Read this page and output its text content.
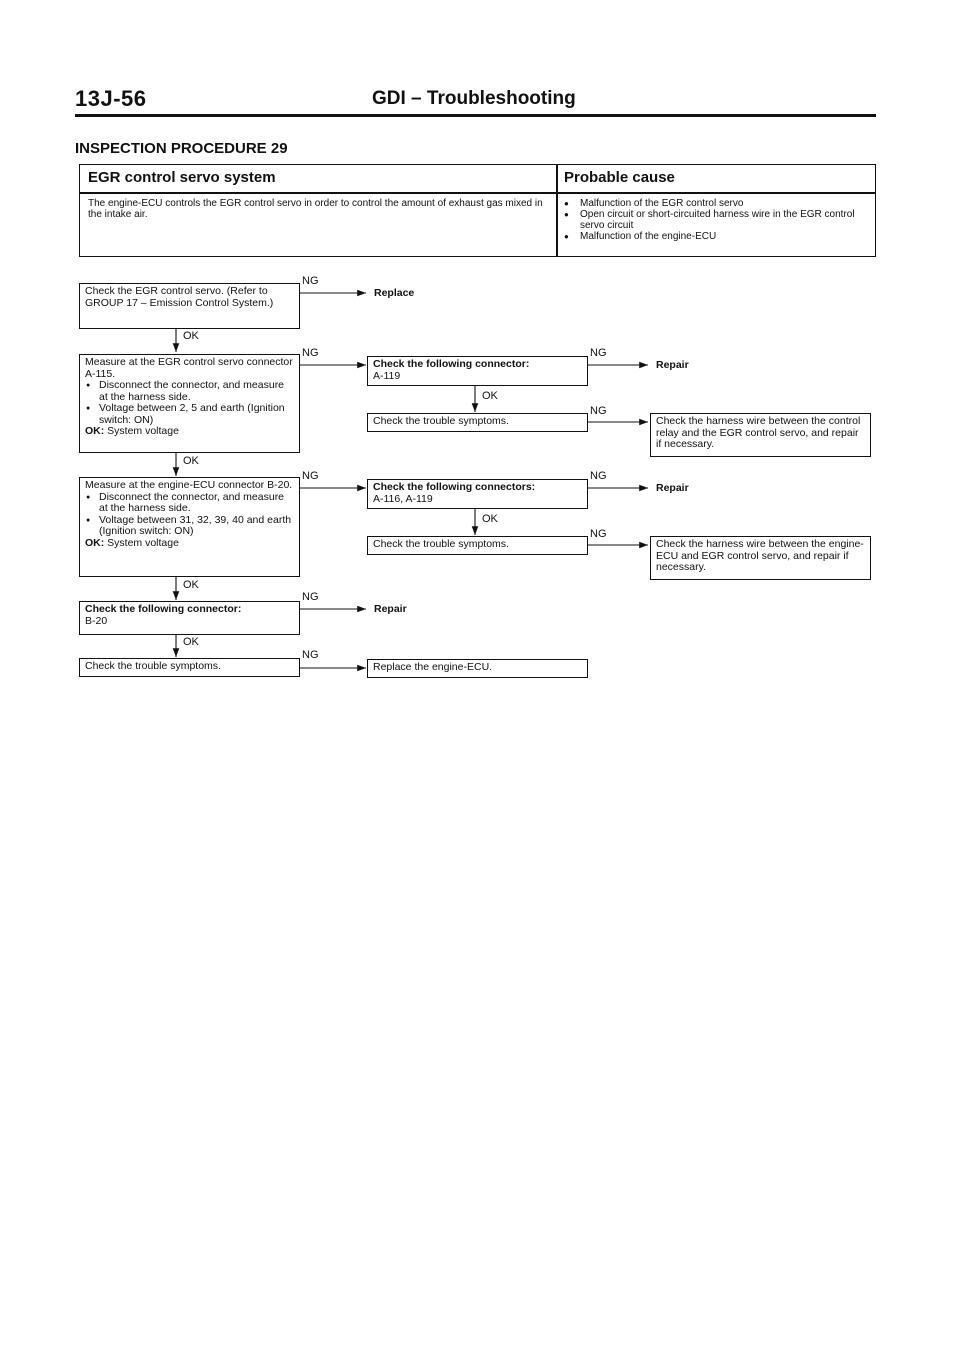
13J-56	GDI – Troubleshooting
INSPECTION PROCEDURE 29
EGR control servo system	Probable cause
The engine-ECU controls the EGR control servo in order to control the amount of exhaust gas mixed in the intake air.
● Malfunction of the EGR control servo
● Open circuit or short-circuited harness wire in the EGR control servo circuit
● Malfunction of the engine-ECU
Check the EGR control servo. (Refer to GROUP 17 – Emission Control System.)
NG
Replace
OK
Measure at the EGR control servo connector A-115.
● Disconnect the connector, and measure at the harness side.
● Voltage between 2, 5 and earth (Ignition switch: ON)
OK: System voltage
NG
Check the following connector:
A-119
NG
Repair
OK
Check the trouble symptoms.
NG
Check the harness wire between the control relay and the EGR control servo, and repair if necessary.
OK
Measure at the engine-ECU connector B-20.
● Disconnect the connector, and measure at the harness side.
● Voltage between 31, 32, 39, 40 and earth (Ignition switch: ON)
OK: System voltage
NG
Check the following connectors:
A-116, A-119
NG
Repair
OK
Check the trouble symptoms.
NG
Check the harness wire between the engine-ECU and EGR control servo, and repair if necessary.
OK
Check the following connector:
B-20
NG
Repair
OK
Check the trouble symptoms.
NG
Replace the engine-ECU.
